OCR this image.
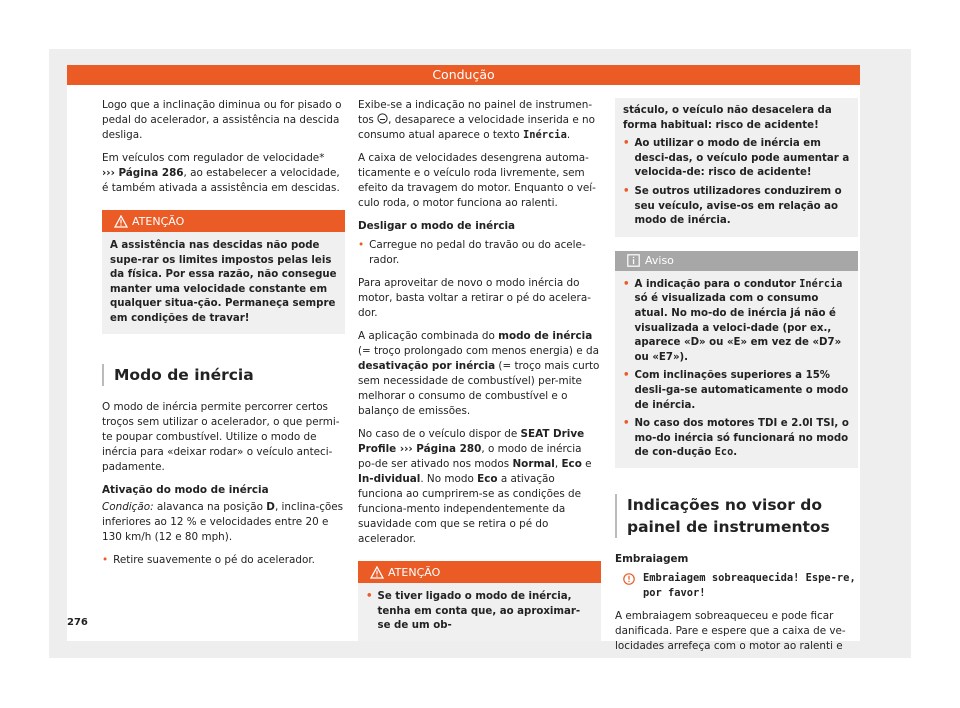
Condução

Logo que a inclinação diminua ou for pisado o pedal do acelerador, a assistência na descida desliga.

Em veículos com regulador de velocidade*
››› Página 286, ao estabelecer a velocidade, é também ativada a assistência em descidas.

ATENÇÃO
A assistência nas descidas não pode supe-rar os limites impostos pelas leis da física. Por essa razão, não consegue manter uma velocidade constante em qualquer situa-ção. Permaneça sempre em condições de travar!
Modo de inércia

O modo de inércia permite percorrer certos troços sem utilizar o acelerador, o que permi-te poupar combustível. Utilize o modo de inércia para «deixar rodar» o veículo anteci-padamente.

Ativação do modo de inércia

Condição: alavanca na posição D, inclina-ções inferiores ao 12 % e velocidades entre 20 e 130 km/h (12 e 80 mph).

• Retire suavemente o pé do acelerador.

Exibe-se a indicação no painel de instrumen-tos , desaparece a velocidade inserida e no consumo atual aparece o texto Inércia.

A caixa de velocidades desengrena automa-ticamente e o veículo roda livremente, sem efeito da travagem do motor. Enquanto o veí-culo roda, o motor funciona ao ralenti.

Desligar o modo de inércia

• Carregue no pedal do travão ou do acele-rador.

Para aproveitar de novo o modo inércia do motor, basta voltar a retirar o pé do acelera-dor.

A aplicação combinada do modo de inércia (= troço prolongado com menos energia) e da desativação por inércia (= troço mais curto sem necessidade de combustível) per-mite melhorar o consumo de combustível e o balanço de emissões.

No caso de o veículo dispor de SEAT Drive Profile ››› Página 280, o modo de inércia po-de ser ativado nos modos Normal, Eco e In-dividual. No modo Eco a ativação funciona ao cumprirem-se as condições de funciona-mento independentemente da suavidade com que se retira o pé do acelerador.

ATENÇÃO
• Se tiver ligado o modo de inércia, tenha em conta que, ao aproximar-se de um ob-
stáculo, o veículo não desacelera da forma habitual: risco de acidente!
• Ao utilizar o modo de inércia em desci-das, o veículo pode aumentar a velocida-de: risco de acidente!
• Se outros utilizadores conduzirem o seu veículo, avise-os em relação ao modo de inércia.
Aviso
• A indicação para o condutor Inércia só é visualizada com o consumo atual. No mo-do de inércia já não é visualizada a veloci-dade (por ex., aparece «D» ou «E» em vez de «D7» ou «E7»).
• Com inclinações superiores a 15% desli-ga-se automaticamente o modo de inércia.
• No caso dos motores TDI e 2.0l TSI, o mo-do inércia só funcionará no modo de con-dução Eco.
Indicações no visor do painel de instrumentos

Embraiagem

Embraiagem sobreaquecida! Espe-re, por favor!

A embraiagem sobreaqueceu e pode ficar danificada. Pare e espere que a caixa de ve-locidades arrefeça com o motor ao ralenti e

276
